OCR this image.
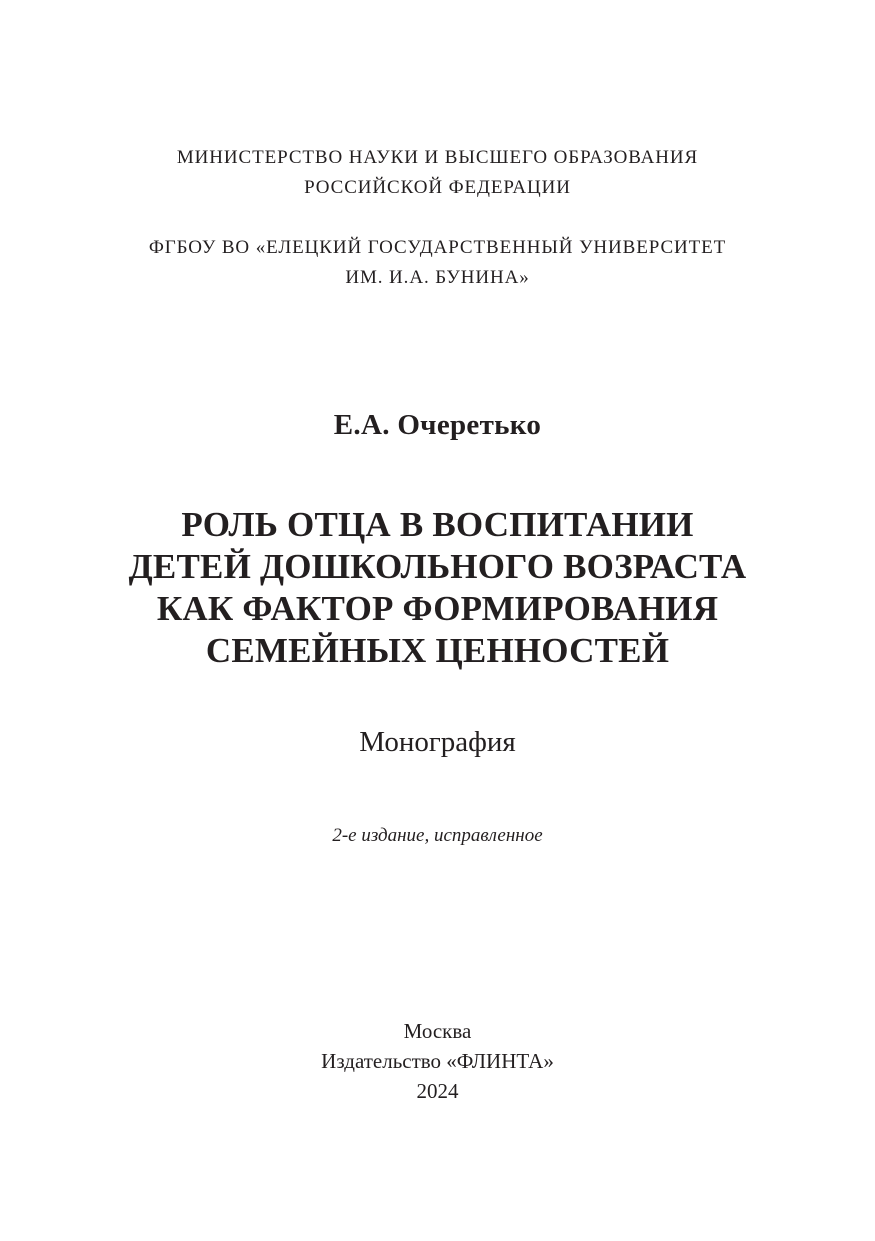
МИНИСТЕРСТВО НАУКИ И ВЫСШЕГО ОБРАЗОВАНИЯ
РОССИЙСКОЙ ФЕДЕРАЦИИ
ФГБОУ ВО «ЕЛЕЦКИЙ ГОСУДАРСТВЕННЫЙ УНИВЕРСИТЕТ
ИМ. И.А. БУНИНА»
Е.А. Очеретько
РОЛЬ ОТЦА В ВОСПИТАНИИ
ДЕТЕЙ ДОШКОЛЬНОГО ВОЗРАСТА
КАК ФАКТОР ФОРМИРОВАНИЯ
СЕМЕЙНЫХ ЦЕННОСТЕЙ
Монография
2-е издание, исправленное
Москва
Издательство «ФЛИНТА»
2024
